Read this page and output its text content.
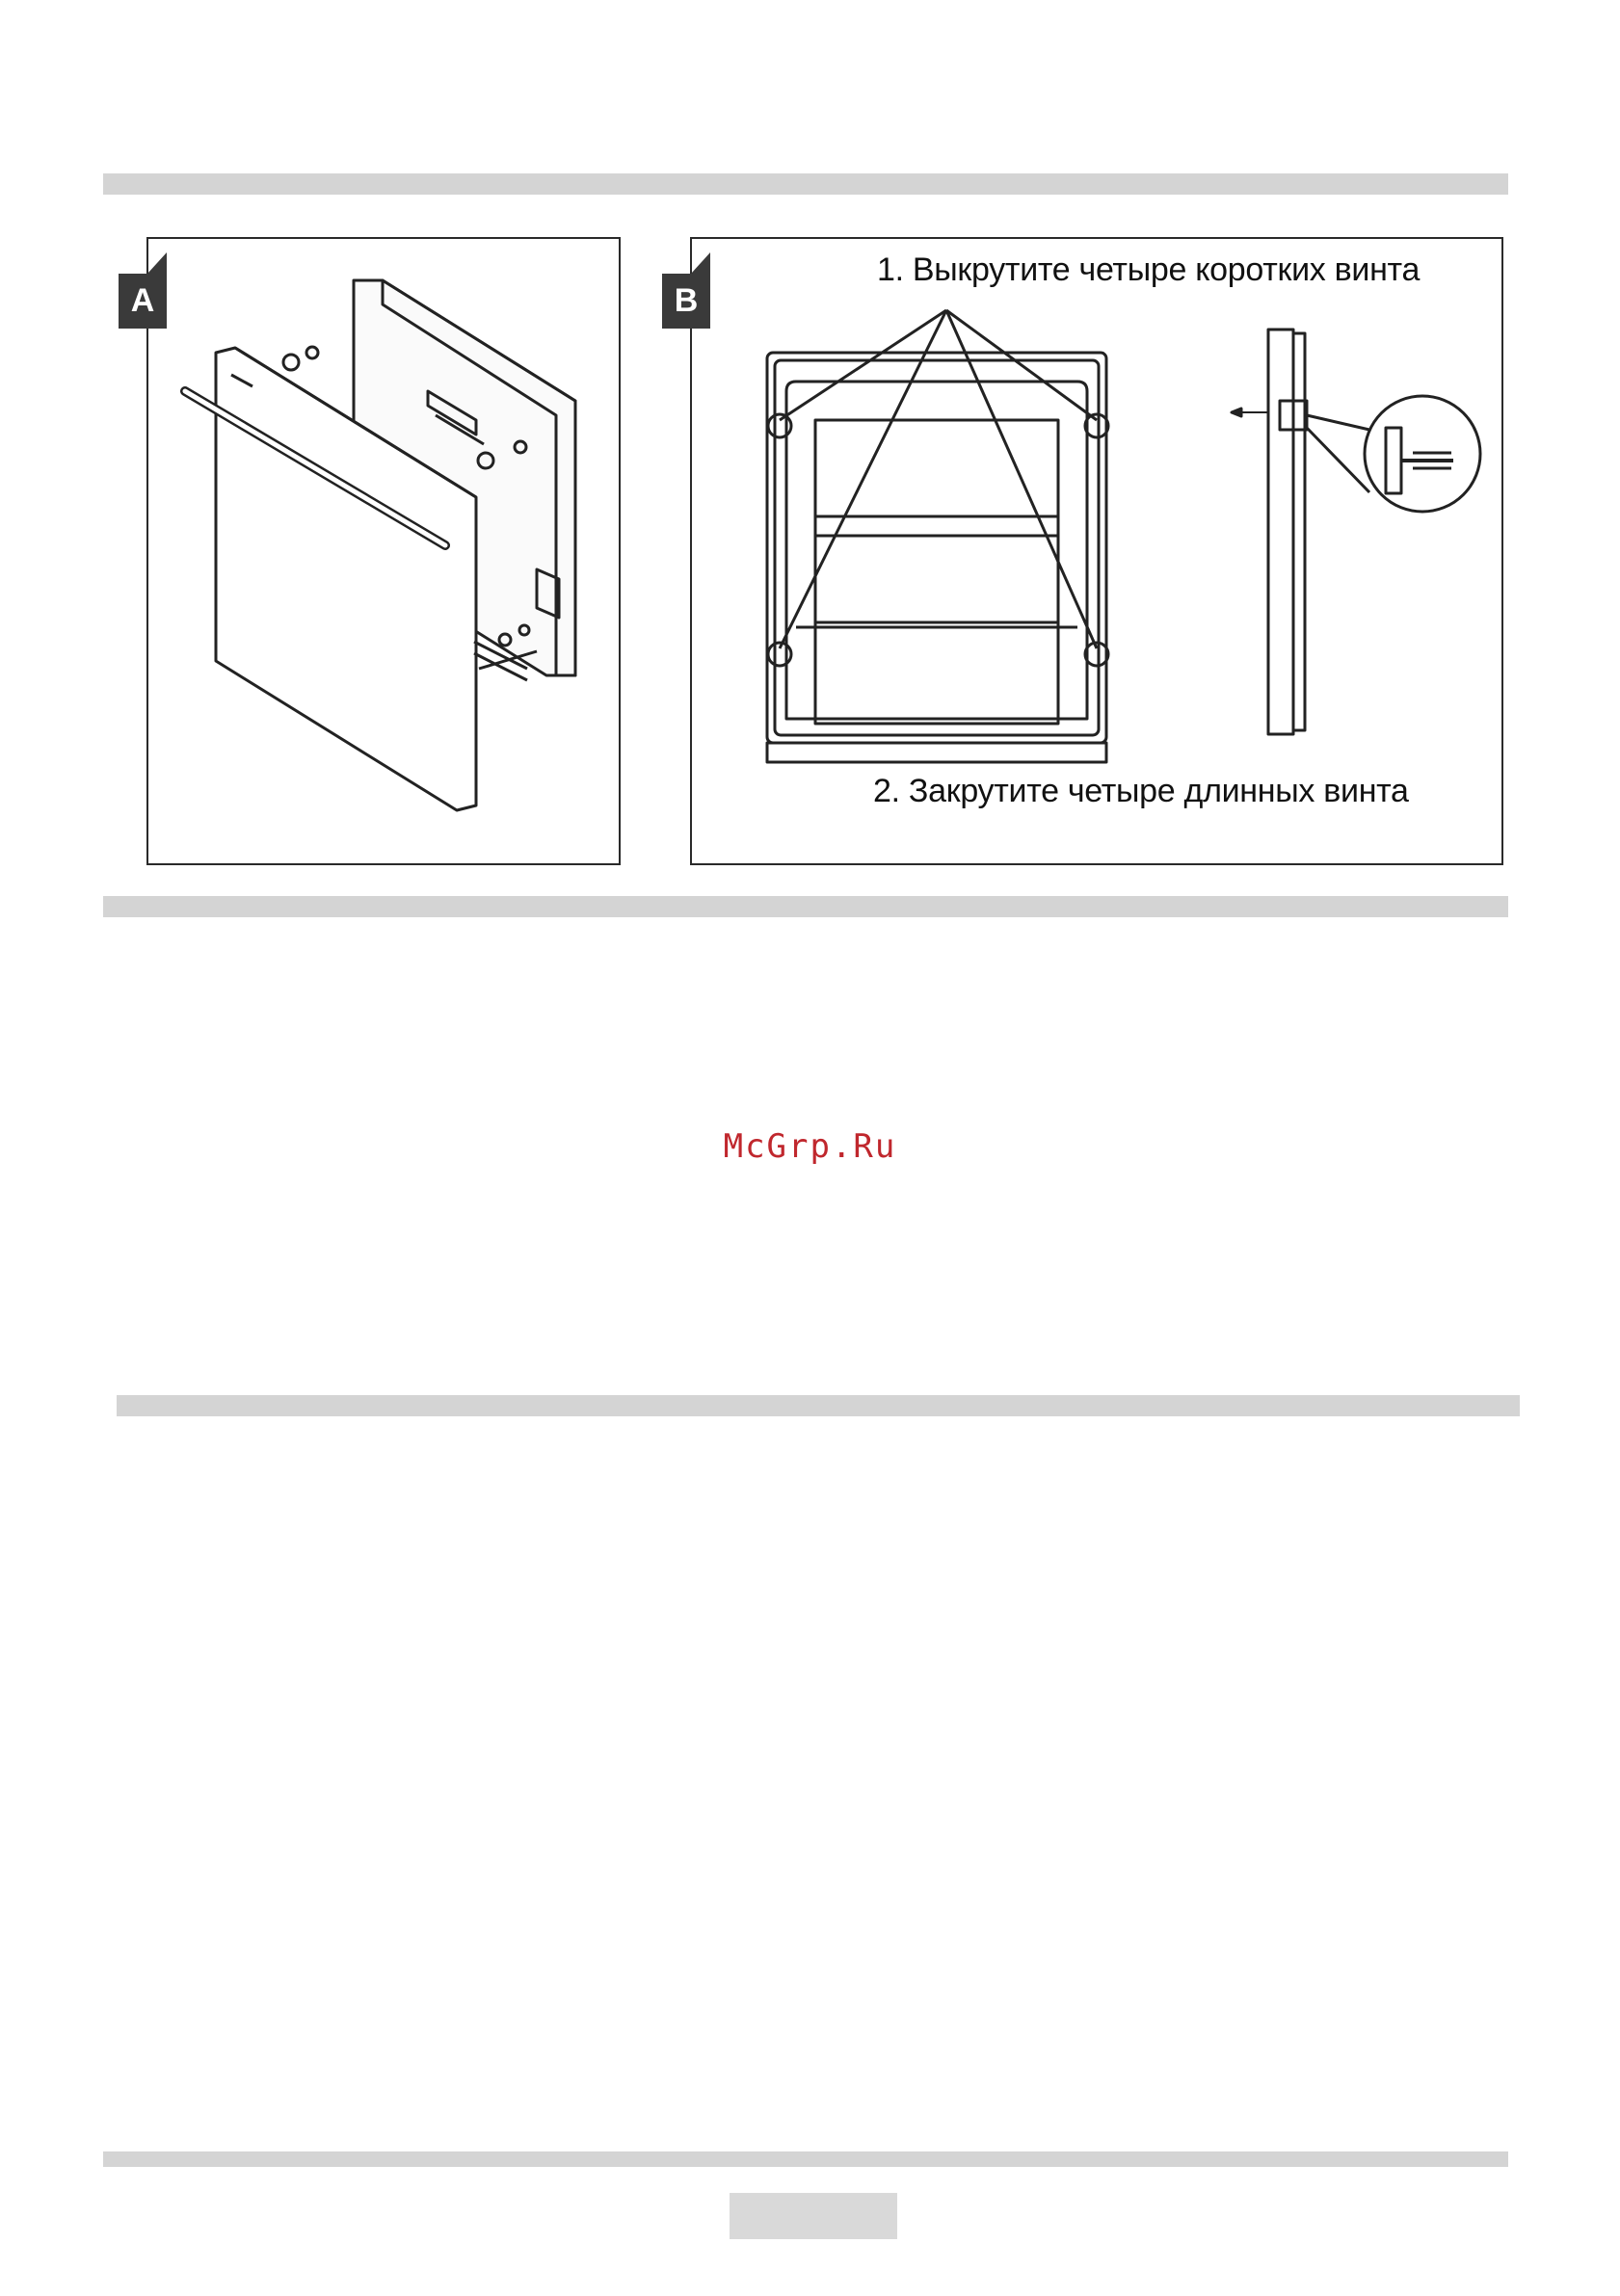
A	B
1. Выкрутите четыре коротких винта
2. Закрутите четыре длинных винта
McGrp.Ru
